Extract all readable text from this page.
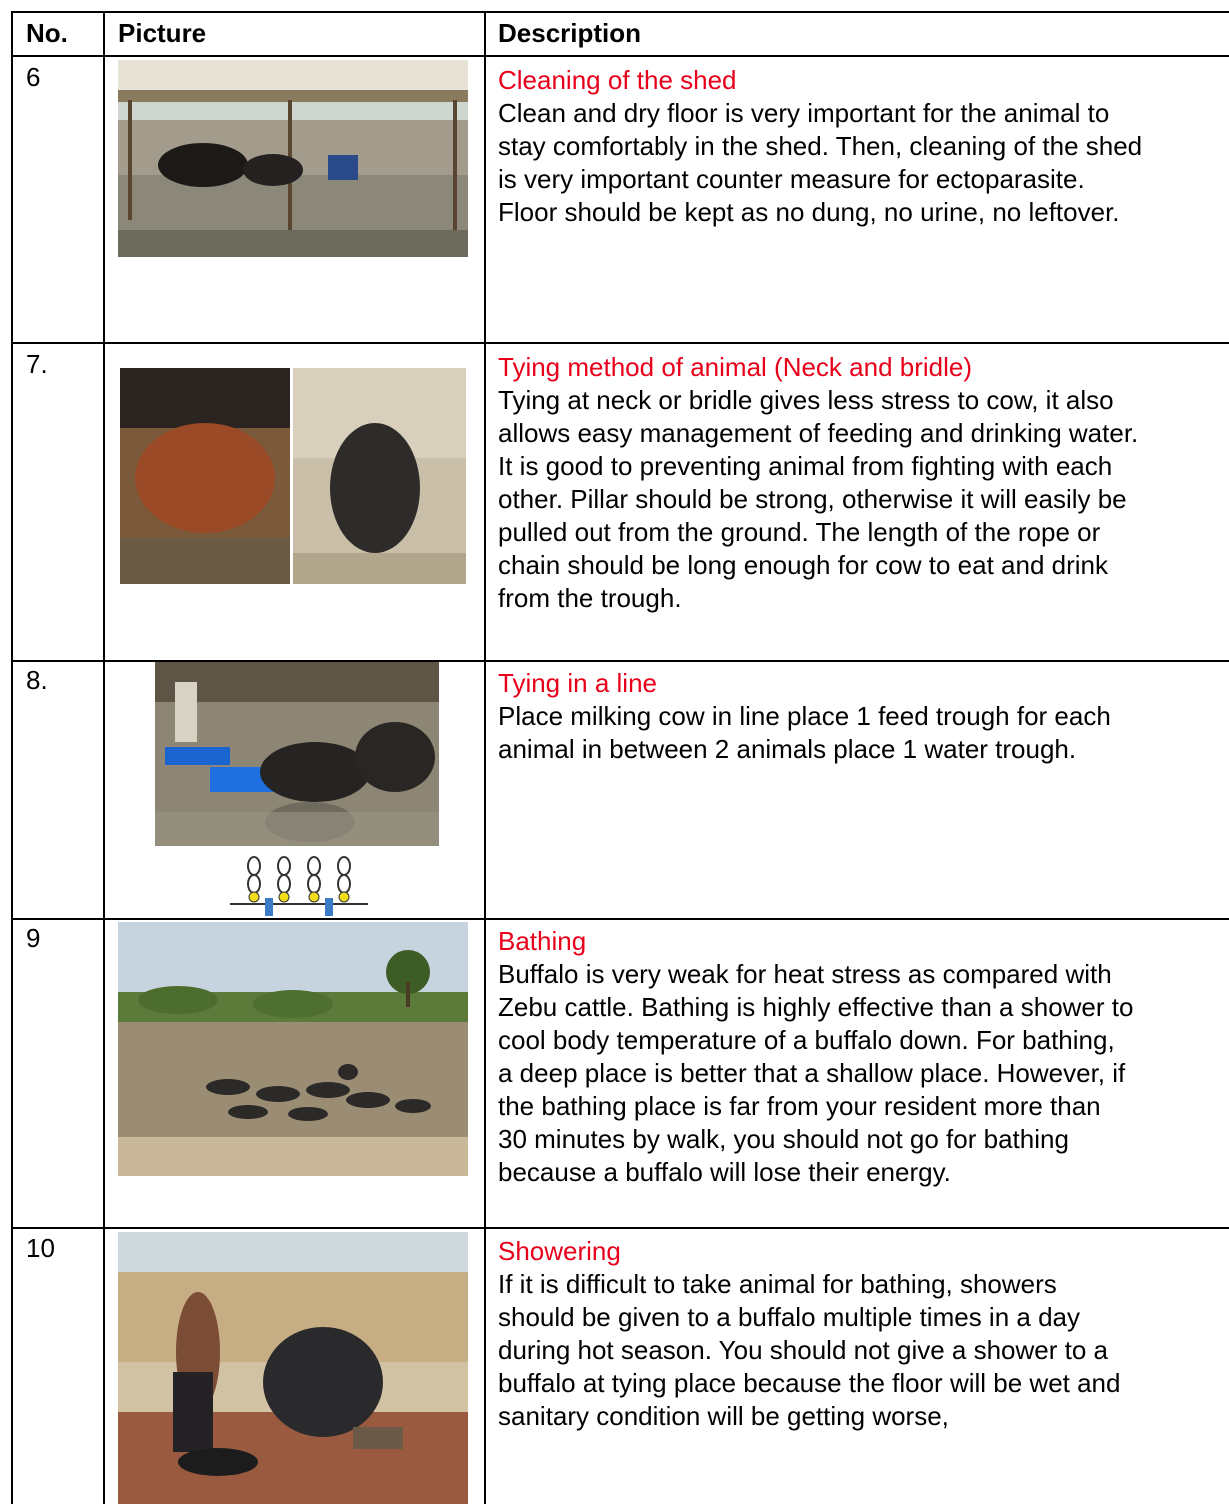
No. Picture	Description
6	Cleaning of the shed
Clean and dry floor is very important for the animal to
stay comfortably in the shed. Then, cleaning of the shed
is very important counter measure for ectoparasite.
Floor should be kept as no dung, no urine, no leftover.
7.	Tying method of animal (Neck and bridle)
Tying at neck or bridle gives less stress to cow, it also
allows easy management of feeding and drinking water.
It is good to preventing animal from fighting with each
other. Pillar should be strong, otherwise it will easily be
pulled out from the ground. The length of the rope or
chain should be long enough for cow to eat and drink
from the trough.
8.	Tying in a line
Place milking cow in line place 1 feed trough for each
animal in between 2 animals place 1 water trough.
9	Bathing
Buffalo is very weak for heat stress as compared with
Zebu cattle. Bathing is highly effective than a shower to
cool body temperature of a buffalo down. For bathing,
a deep place is better that a shallow place. However, if
the bathing place is far from your resident more than
30 minutes by walk, you should not go for bathing
because a buffalo will lose their energy.
10	Showering
If it is difficult to take animal for bathing, showers
should be given to a buffalo multiple times in a day
during hot season. You should not give a shower to a
buffalo at tying place because the floor will be wet and
sanitary condition will be getting worse,
